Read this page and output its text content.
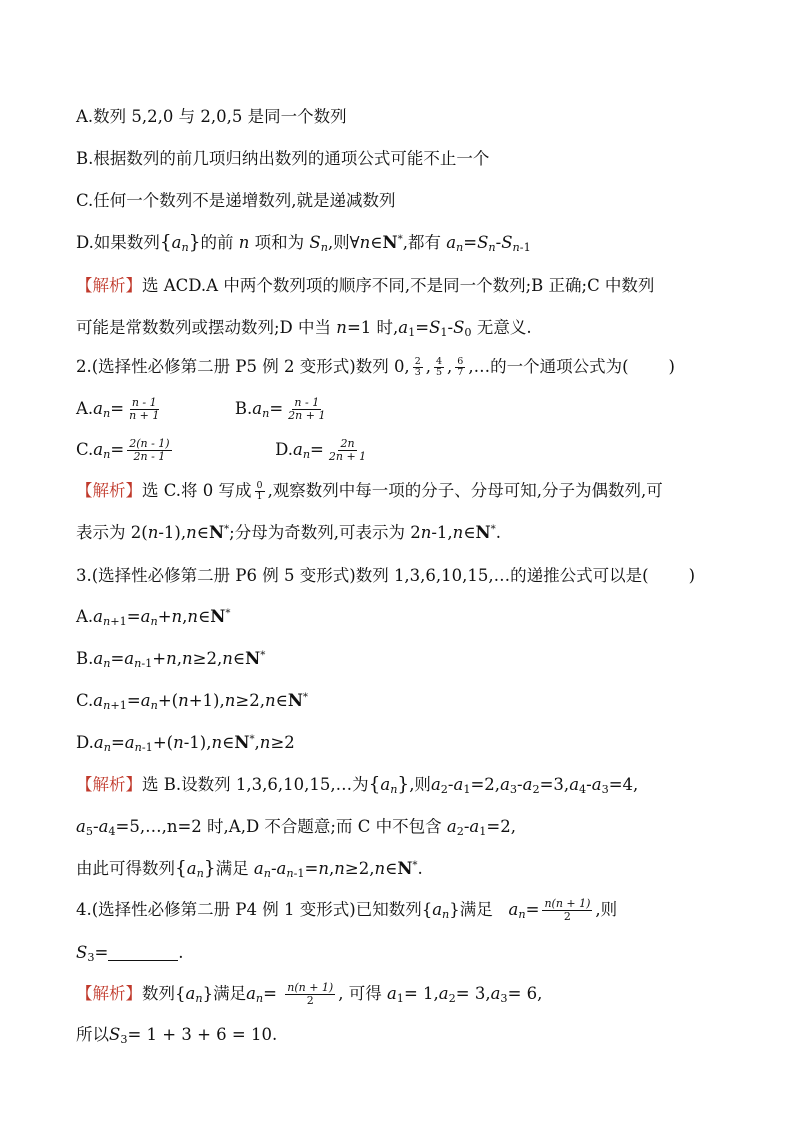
A.数列 5,2,0 与 2,0,5 是同一个数列
B.根据数列的前几项归纳出数列的通项公式可能不止一个
C.任何一个数列不是递增数列,就是递减数列
D.如果数列$\{a_n\}$的前 n 项和为 $S_n$,则∀n∈N*,都有 $a_n=S_n-S_{n-1}$
【解析】选 ACD.A 中两个数列项的顺序不同,不是同一个数列;B 正确;C 中数列
可能是常数数列或摆动数列;D 中当 n=1 时$,a_1=S_1-S_0$ 无意义.
2.(选择性必修第二册 P5 例 2 变形式)数列 0, $\frac{2}{3}$ , $\frac{4}{5}$ , $\frac{6}{7}$ ,…的一个通项公式为( )
$A.a_n= \frac{n - 1}{n + 1}$	$B.a_n= \frac{n - 1}{2n + 1}$
$C.a_n= \frac{2(n - 1)}{2n - 1}$	$D.a_n= \frac{2n}{2n + 1}$
【解析】选 C.将 0 写成 $\frac{0}{1}$ ,观察数列中每一项的分子、分母可知,分子为偶数列,可
表示为 2(n-1),n∈N*;分母为奇数列,可表示为 2n-1,n∈N*.
3.(选择性必修第二册 P6 例 5 变形式)数列 1,3,6,10,15,…的递推公式可以是( )
$A.a_{n+1}=a_n+n,n\in N^*$
$B.a_n=a_{n-1}+n,n\ge 2,n\in N^*$
$C.a_{n+1}=a_n+(n+1),n\ge 2,n\in N^*$
$D.a_n=a_{n-1}+(n-1),n\in N^*,n\ge 2$
【解析】选 B.设数列 1,3,6,10,15,…为$\{a_n\}$,则$a_2-a_1=2,a_3-a_2=3,a_4-a_3=4$,
$a_5-a_4=5,\dots,n=2$ 时,A,D 不合题意;而 C 中不包含 $a_2-a_1=2$,
由此可得数列$\{a_n\}$满足 $a_n-a_{n-1}=n,n\ge 2,n\in N^*$.
4.(选择性必修第二册 P4 例 1 变形式)已知数列$\{a_n\}$满足 $a_n= \frac{n(n + 1)}{2}$ ,则
$S_3=$	.
【解析】数列$\{a_n\}$满足$a_n= \frac{n(n + 1)}{2}$ , 可得 $a_1= 1,a_2= 3,a_3= 6$,
所以$S_3= 1 + 3 + 6 = 10$.
